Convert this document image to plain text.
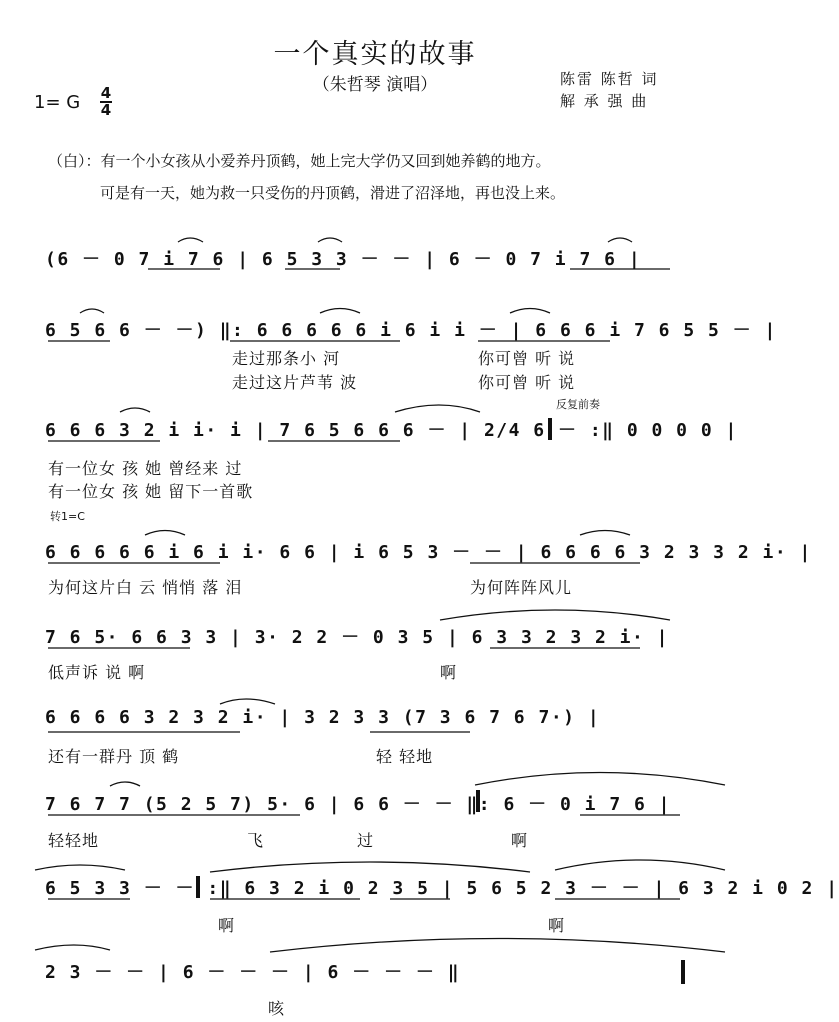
一个真实的故事
（朱哲琴 演唱）
1= G 4
4
陈雷 陈哲 词
解 承 强 曲
（白）：有一个小女孩从小爱养丹顶鹤，她上完大学仍又回到她养鹤的地方。
可是有一天，她为救一只受伤的丹顶鹤，滑进了沼泽地，再也没上来。
(6 － 0 7 i 7 6 | 6 5 3 3 － － | 6 － 0 7 i 7 6 |
6 5 6 6 － －) ‖: 6 6 6 6 6 i 6 i i － | 6 6 6 i 7 6 5 5 － |
6 6 6 3 2 i i· i | 7 6 5 6 6 6 － | 2/4 6 － :‖ 0 0 0 0 |
6 6 6 6 6 i 6 i i· 6 6 | i 6 5 3 － － | 6 6 6 6 3 2 3 3 2 i· |
7 6 5· 6 6 3 3 | 3· 2 2 － 0 3 5 | 6 3 3 2 3 2 i· |
6 6 6 6 3 2 3 2 i· | 3 2 3 3 (7 3 6 7 6 7·) |
7 6 7 7 (5 2 5 7) 5· 6 | 6 6 － － ‖: 6 － 0 i 7 6 |
6 5 3 3 － － :‖ 6 3 2 i 0 2 3 5 | 5 6 5 2 3 － － | 6 3 2 i 0 2 |
2 3 － － | 6 － － － | 6 － － － ‖
走过那条小 河
走过这片芦苇 波
你可曾 听 说
你可曾 听 说
反复前奏
有一位女 孩 她 曾经来 过
有一位女 孩 她 留下一首歌
转1=C
为何这片白 云 悄悄 落 泪	为何阵阵风儿
低声诉 说 啊	啊
还有一群丹 顶 鹤	轻 轻地
轻轻地	飞	过	啊
啊	啊
咳
